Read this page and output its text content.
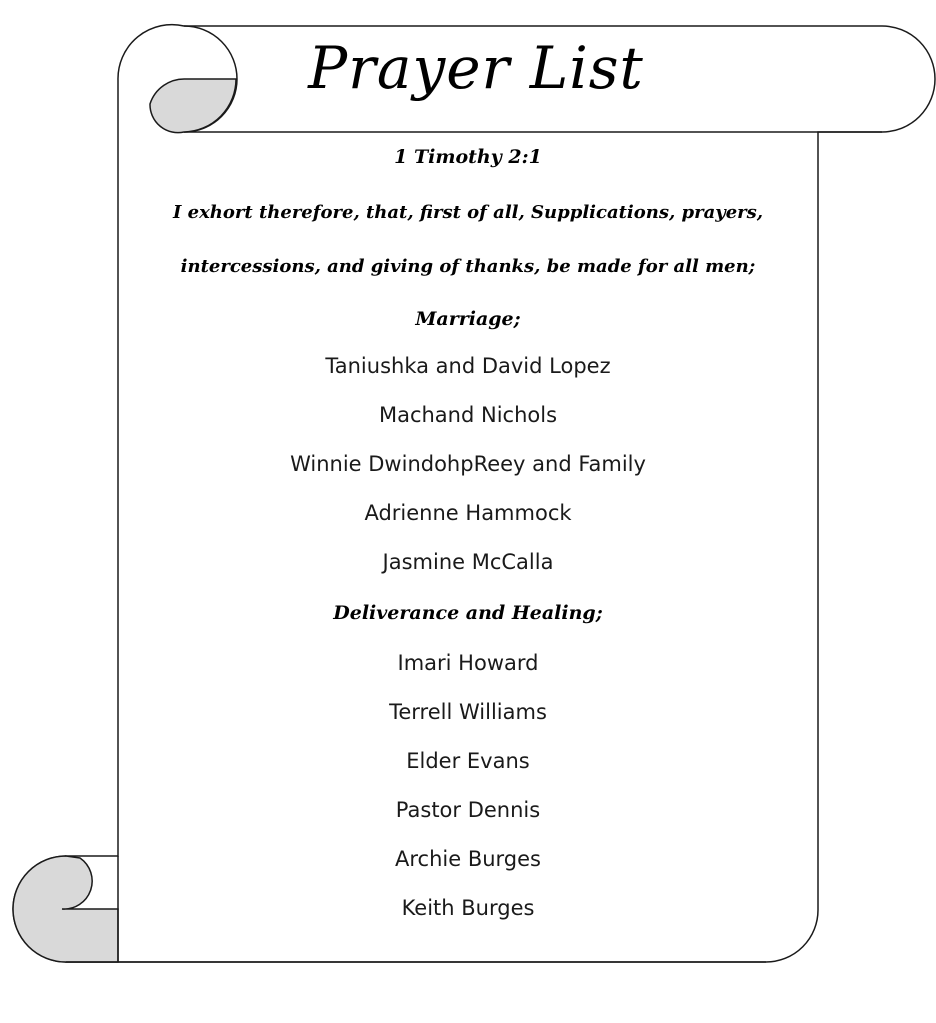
Prayer List
1 Timothy 2:1
I exhort therefore, that, first of all, Supplications, prayers,
intercessions, and giving of thanks, be made for all men;
Marriage;
Taniushka and David Lopez
Machand Nichols
Winnie DwindohpReey and Family
Adrienne Hammock
Jasmine McCalla
Deliverance and Healing;
Imari Howard
Terrell Williams
Elder Evans
Pastor Dennis
Archie Burges
Keith Burges
